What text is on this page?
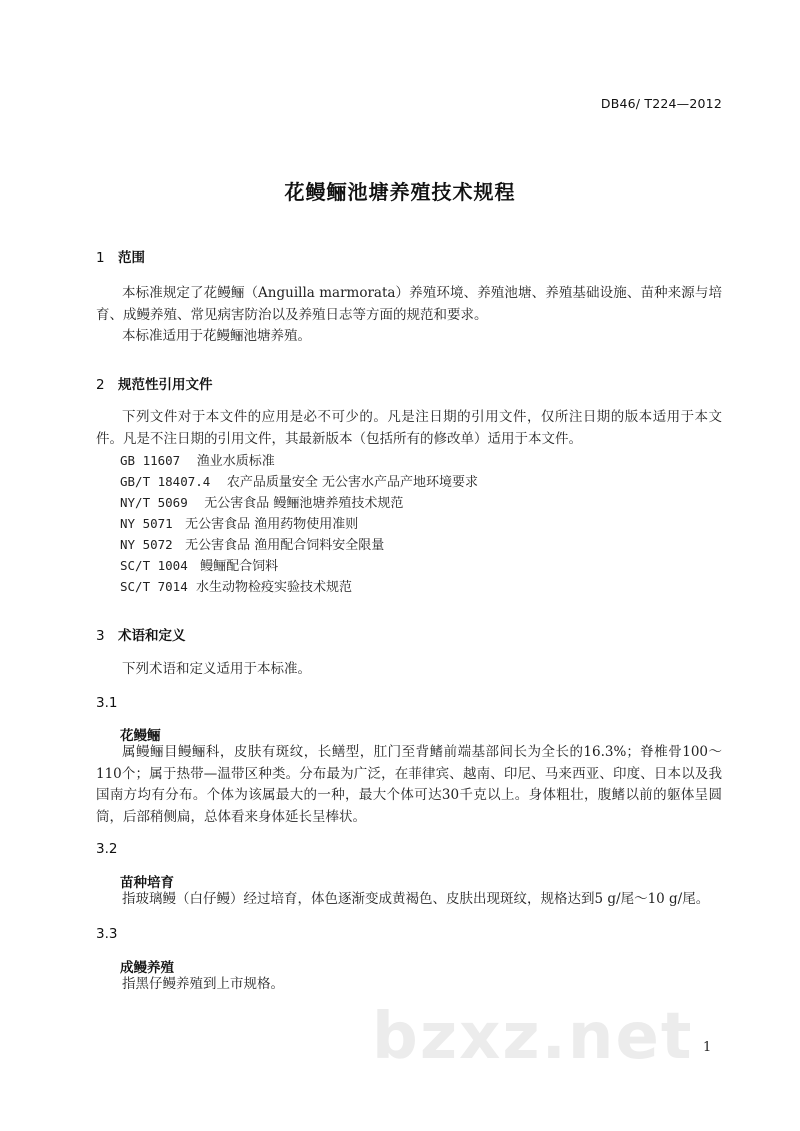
DB46/ T224—2012
花鳗鲡池塘养殖技术规程
1 范围

本标准规定了花鳗鲡（Anguilla marmorata）养殖环境、养殖池塘、养殖基础设施、苗种来源与培育、成鳗养殖、常见病害防治以及养殖日志等方面的规范和要求。

本标准适用于花鳗鲡池塘养殖。

2 规范性引用文件

下列文件对于本文件的应用是必不可少的。凡是注日期的引用文件，仅所注日期的版本适用于本文件。凡是不注日期的引用文件，其最新版本（包括所有的修改单）适用于本文件。

GB 11607 渔业水质标准
GB/T 18407.4 农产品质量安全 无公害水产品产地环境要求
NY/T 5069 无公害食品 鳗鲡池塘养殖技术规范
NY 5071 无公害食品 渔用药物使用准则
NY 5072 无公害食品 渔用配合饲料安全限量
SC/T 1004 鳗鲡配合饲料
SC/T 7014 水生动物检疫实验技术规范
3 术语和定义

下列术语和定义适用于本标准。

3.1
花鳗鲡

属鳗鲡目鳗鲡科，皮肤有斑纹，长鳝型，肛门至背鳍前端基部间长为全长的16.3%；脊椎骨100～110个；属于热带—温带区种类。分布最为广泛，在菲律宾、越南、印尼、马来西亚、印度、日本以及我国南方均有分布。个体为该属最大的一种，最大个体可达30千克以上。身体粗壮，腹鳍以前的躯体呈圆筒，后部稍侧扁，总体看来身体延长呈棒状。

3.2
苗种培育

指玻璃鳗（白仔鳗）经过培育，体色逐渐变成黄褐色、皮肤出现斑纹，规格达到5 g/尾～10 g/尾。

3.3
成鳗养殖

指黑仔鳗养殖到上市规格。

bzxz.net 1
